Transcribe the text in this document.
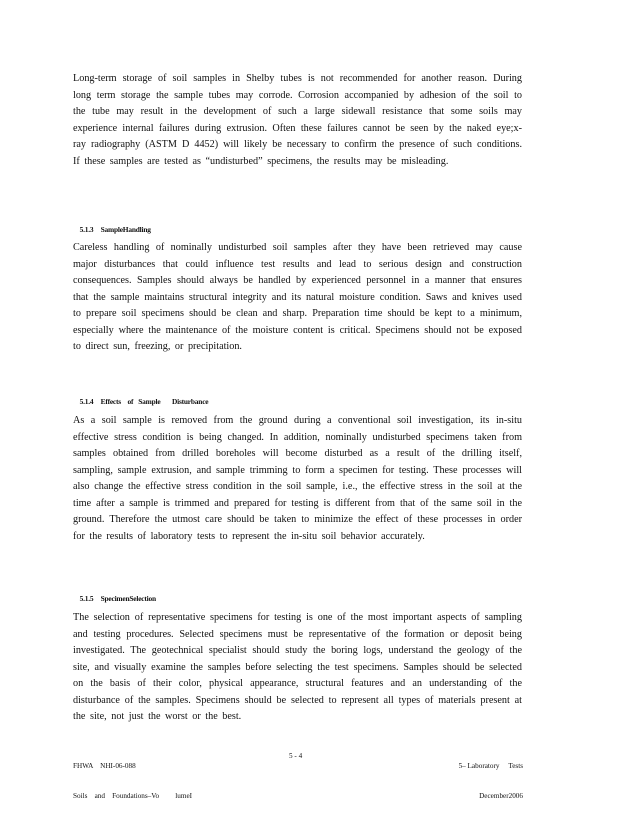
Long-term storage of soil samples in Shelby tubes is not recommended for another reason. During long term storage the sample tubes may corrode. Corrosion accompanied by adhesion of the soil to the tube may result in the development of such a large sidewall resistance that some soils may experience internal failures during extrusion. Often these failures cannot be seen by the naked eye;x-ray radiography (ASTM D 4452) will likely be necessary to confirm the presence of such conditions. If these samples are tested as “undisturbed” specimens, the results may be misleading.

5.1.3 SampleHandling

Careless handling of nominally undisturbed soil samples after they have been retrieved may cause major disturbances that could influence test results and lead to serious design and construction consequences. Samples should always be handled by experienced personnel in a manner that ensures that the sample maintains structural integrity and its natural moisture condition. Saws and knives used to prepare soil specimens should be clean and sharp. Preparation time should be kept to a minimum, especially where the maintenance of the moisture content is critical. Specimens should not be exposed to direct sun, freezing, or precipitation.

5.1.4 Effects    of   Sample       Disturbance

As a soil sample is removed from the ground during a conventional soil investigation, its in-situ effective stress condition is being changed. In addition, nominally undisturbed specimens taken from samples obtained from drilled boreholes will become disturbed as a result of the drilling itself, sampling, sample extrusion, and sample trimming to form a specimen for testing. These processes will also change the effective stress condition in the soil sample, i.e., the effective stress in the soil at the time after a sample is trimmed and prepared for testing is different from that of the same soil in the ground. Therefore the utmost care should be taken to minimize the effect of these processes in order for the results of laboratory tests to represent the in-situ soil behavior accurately.

5.1.5 SpecimenSelection

The selection of representative specimens for testing is one of the most important aspects of sampling and testing procedures. Selected specimens must be representative of the formation or deposit being investigated. The geotechnical specialist should study the boring logs, understand the geology of the site, and visually examine the samples before selecting the test specimens. Samples should be selected on the basis of their color, physical appearance, structural features and an understanding of the disturbance of the samples. Specimens should be selected to represent all types of materials present at the site, not just the worst or the best.

FHWA    NHI-06-088

Soils    and    Foundations–Vo         lumeI

5 - 4

5– Laboratory     Tests

December2006
